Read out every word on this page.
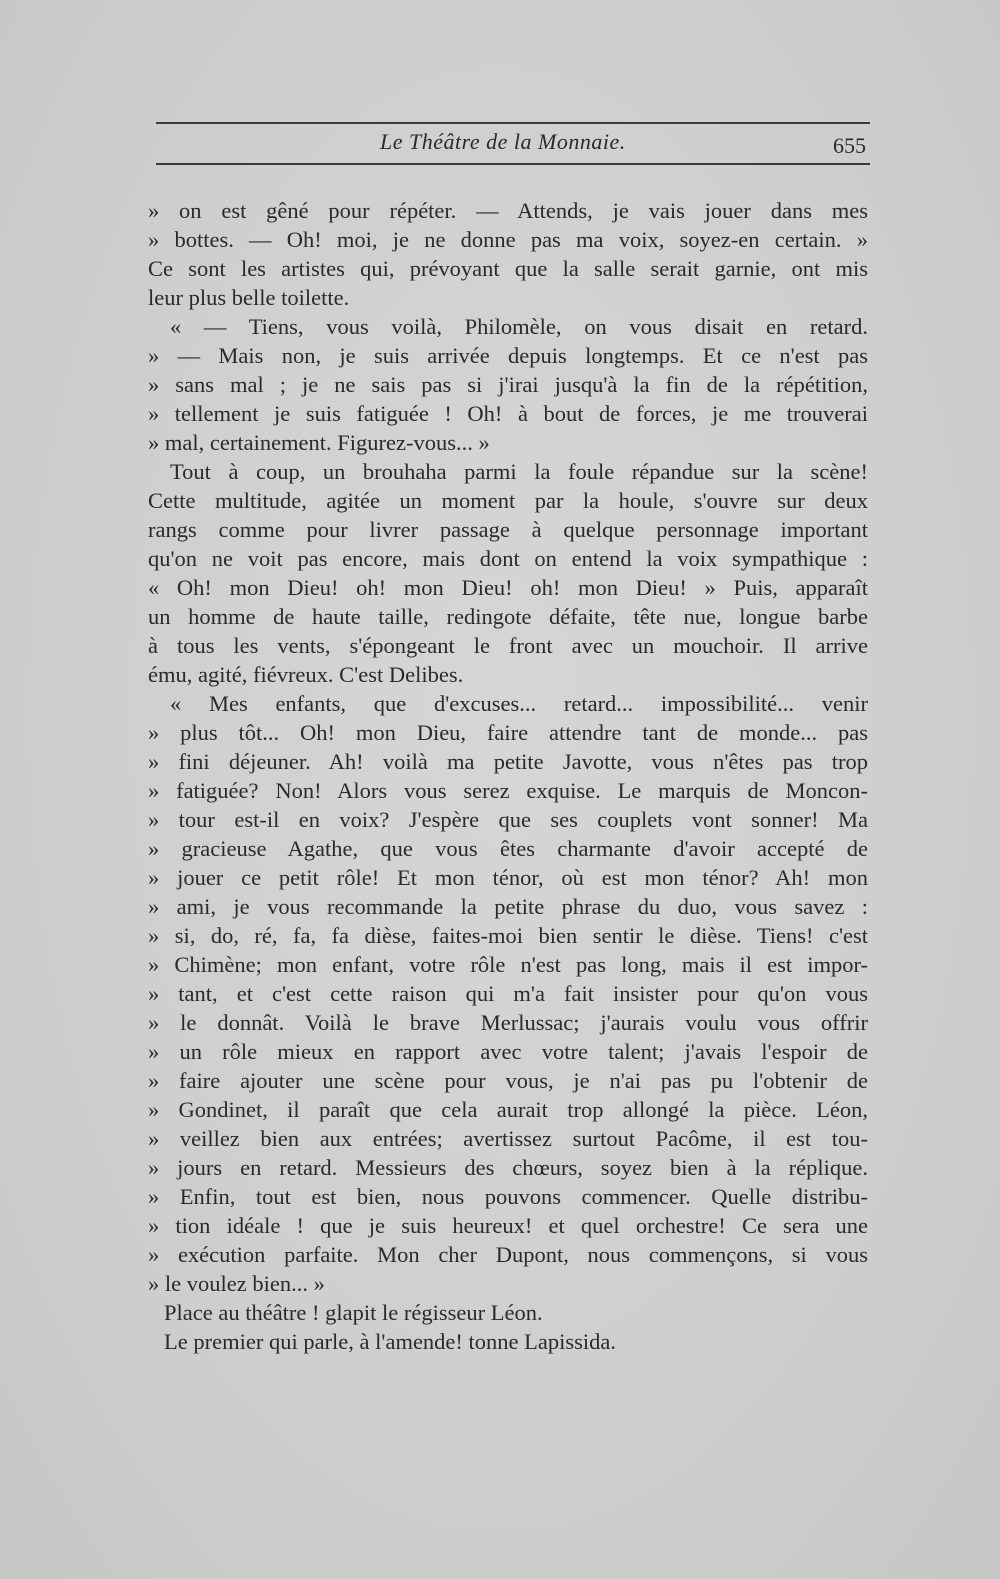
Le Théâtre de la Monnaie.	655
» on est gêné pour répéter. — Attends, je vais jouer dans mes
» bottes. — Oh! moi, je ne donne pas ma voix, soyez-en certain. »
Ce sont les artistes qui, prévoyant que la salle serait garnie, ont mis
leur plus belle toilette.
« — Tiens, vous voilà, Philomèle, on vous disait en retard.
» — Mais non, je suis arrivée depuis longtemps. Et ce n'est pas
» sans mal ; je ne sais pas si j'irai jusqu'à la fin de la répétition,
» tellement je suis fatiguée ! Oh! à bout de forces, je me trouverai
» mal, certainement. Figurez-vous... »
Tout à coup, un brouhaha parmi la foule répandue sur la scène!
Cette multitude, agitée un moment par la houle, s'ouvre sur deux
rangs comme pour livrer passage à quelque personnage important
qu'on ne voit pas encore, mais dont on entend la voix sympathique :
« Oh! mon Dieu! oh! mon Dieu! oh! mon Dieu! » Puis, apparaît
un homme de haute taille, redingote défaite, tête nue, longue barbe
à tous les vents, s'épongeant le front avec un mouchoir. Il arrive
ému, agité, fiévreux. C'est Delibes.
« Mes enfants, que d'excuses... retard... impossibilité... venir
» plus tôt... Oh! mon Dieu, faire attendre tant de monde... pas
» fini déjeuner. Ah! voilà ma petite Javotte, vous n'êtes pas trop
» fatiguée? Non! Alors vous serez exquise. Le marquis de Moncon-
» tour est-il en voix? J'espère que ses couplets vont sonner! Ma
» gracieuse Agathe, que vous êtes charmante d'avoir accepté de
» jouer ce petit rôle! Et mon ténor, où est mon ténor? Ah! mon
» ami, je vous recommande la petite phrase du duo, vous savez :
» si, do, ré, fa, fa dièse, faites-moi bien sentir le dièse. Tiens! c'est
» Chimène; mon enfant, votre rôle n'est pas long, mais il est impor-
» tant, et c'est cette raison qui m'a fait insister pour qu'on vous
» le donnât. Voilà le brave Merlussac; j'aurais voulu vous offrir
» un rôle mieux en rapport avec votre talent; j'avais l'espoir de
» faire ajouter une scène pour vous, je n'ai pas pu l'obtenir de
» Gondinet, il paraît que cela aurait trop allongé la pièce. Léon,
» veillez bien aux entrées; avertissez surtout Pacôme, il est tou-
» jours en retard. Messieurs des chœurs, soyez bien à la réplique.
» Enfin, tout est bien, nous pouvons commencer. Quelle distribu-
» tion idéale ! que je suis heureux! et quel orchestre! Ce sera une
» exécution parfaite. Mon cher Dupont, nous commençons, si vous
» le voulez bien... »
Place au théâtre ! glapit le régisseur Léon.
Le premier qui parle, à l'amende! tonne Lapissida.
